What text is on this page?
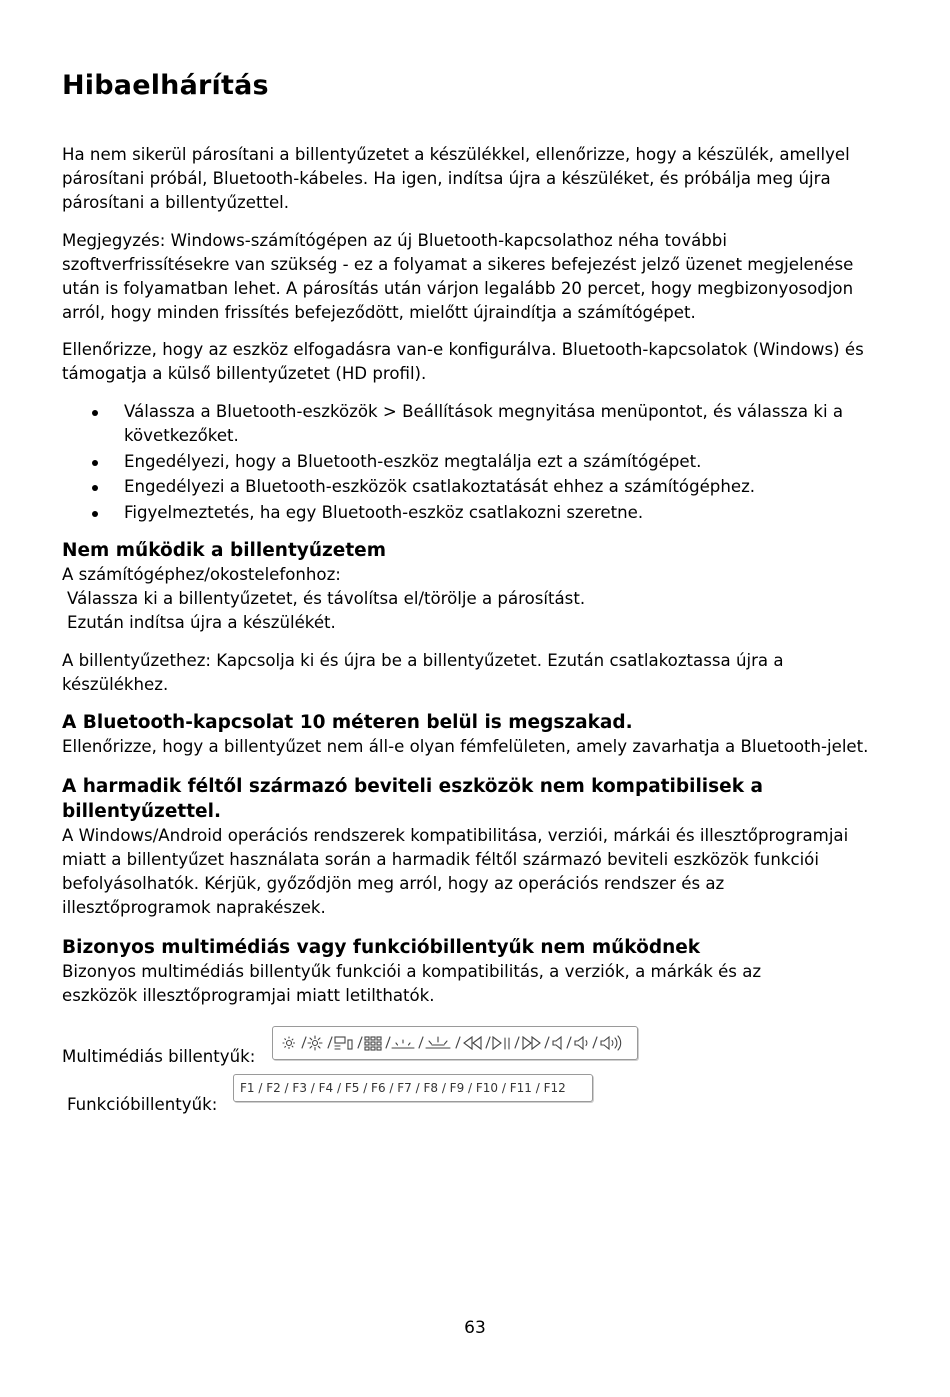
Hibaelhárítás

Ha nem sikerül párosítani a billentyűzetet a készülékkel, ellenőrizze, hogy a készülék, amellyel

párosítani próbál, Bluetooth-kábeles. Ha igen, indítsa újra a készüléket, és próbálja meg újra

párosítani a billentyűzettel.

Megjegyzés: Windows-számítógépen az új Bluetooth-kapcsolathoz néha további

szoftverfrissítésekre van szükség - ez a folyamat a sikeres befejezést jelző üzenet megjelenése

után is folyamatban lehet. A párosítás után várjon legalább 20 percet, hogy megbizonyosodjon

arról, hogy minden frissítés befejeződött, mielőtt újraindítja a számítógépet.

Ellenőrizze, hogy az eszköz elfogadásra van-e konfigurálva. Bluetooth-kapcsolatok (Windows) és

támogatja a külső billentyűzetet (HD profil).

Válassza a Bluetooth-eszközök > Beállítások megnyitása menüpontot, és válassza ki a
következőket.
Engedélyezi, hogy a Bluetooth-eszköz megtalálja ezt a számítógépet.
Engedélyezi a Bluetooth-eszközök csatlakoztatását ehhez a számítógéphez.
Figyelmeztetés, ha egy Bluetooth-eszköz csatlakozni szeretne.
Nem működik a billentyűzetem

A számítógéphez/okostelefonhoz:

Válassza ki a billentyűzetet, és távolítsa el/törölje a párosítást.

Ezután indítsa újra a készülékét.

A billentyűzethez: Kapcsolja ki és újra be a billentyűzetet. Ezután csatlakoztassa újra a

készülékhez.

A Bluetooth-kapcsolat 10 méteren belül is megszakad.

Ellenőrizze, hogy a billentyűzet nem áll-e olyan fémfelületen, amely zavarhatja a Bluetooth-jelet.

A harmadik féltől származó beviteli eszközök nem kompatibilisek a
billentyűzettel.

A Windows/Android operációs rendszerek kompatibilitása, verziói, márkái és illesztőprogramjai

miatt a billentyűzet használata során a harmadik féltől származó beviteli eszközök funkciói

befolyásolhatók. Kérjük, győződjön meg arról, hogy az operációs rendszer és az

illesztőprogramok naprakészek.

Bizonyos multimédiás vagy funkcióbillentyűk nem működnek

Bizonyos multimédiás billentyűk funkciói a kompatibilitás, a verziók, a márkák és az

eszközök illesztőprogramjai miatt letilthatók.

Multimédiás billentyűk:

Funkcióbillentyűk:

F1 / F2 / F3 / F4 / F5 / F6 / F7 / F8 / F9 / F10 / F11 / F12
63
